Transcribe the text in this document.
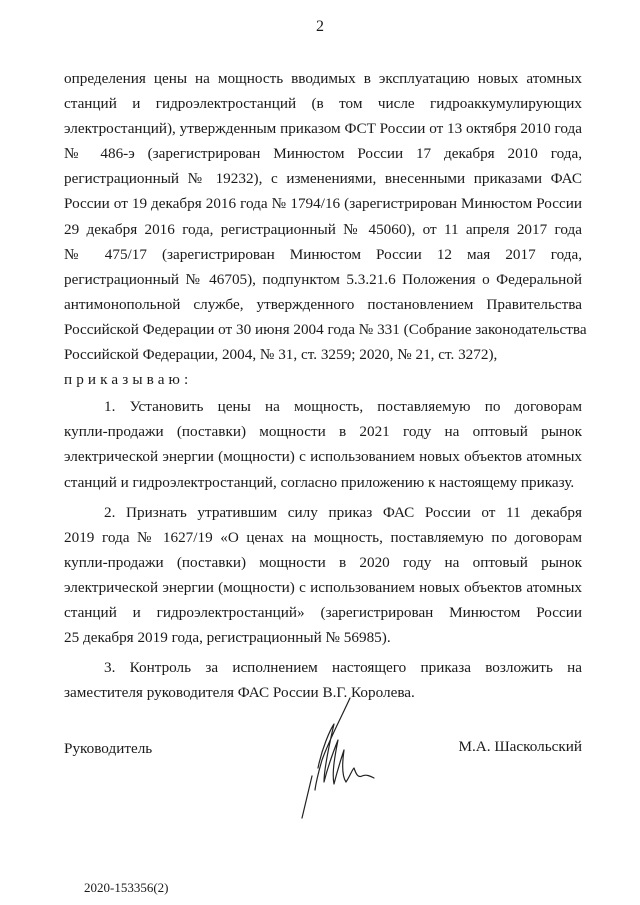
2
определения цены на мощность вводимых в эксплуатацию новых атомных
станций и гидроэлектростанций (в том числе гидроаккумулирующих
электростанций), утвержденным приказом ФСТ России от 13 октября 2010 года
№ 486-э (зарегистрирован Минюстом России 17 декабря 2010 года,
регистрационный № 19232), с изменениями, внесенными приказами ФАС
России от 19 декабря 2016 года № 1794/16 (зарегистрирован Минюстом России
29 декабря 2016 года, регистрационный № 45060), от 11 апреля 2017 года
№ 475/17 (зарегистрирован Минюстом России 12 мая 2017 года,
регистрационный № 46705), подпунктом 5.3.21.6 Положения о Федеральной
антимонопольной службе, утвержденного постановлением Правительства
Российской Федерации от 30 июня 2004 года № 331 (Собрание законодательства
Российской Федерации, 2004, № 31, ст. 3259; 2020, № 21, ст. 3272),
приказываю:
1. Установить цены на мощность, поставляемую по договорам
купли-продажи (поставки) мощности в 2021 году на оптовый рынок
электрической энергии (мощности) с использованием новых объектов атомных
станций и гидроэлектростанций, согласно приложению к настоящему приказу.
2. Признать утратившим силу приказ ФАС России от 11 декабря
2019 года № 1627/19 «О ценах на мощность, поставляемую по договорам
купли-продажи (поставки) мощности в 2020 году на оптовый рынок
электрической энергии (мощности) с использованием новых объектов атомных
станций и гидроэлектростанций» (зарегистрирован Минюстом России
25 декабря 2019 года, регистрационный № 56985).
3. Контроль за исполнением настоящего приказа возложить на
заместителя руководителя ФАС России В.Г. Королева.
Руководитель	М.А. Шаскольский
2020-153356(2)
